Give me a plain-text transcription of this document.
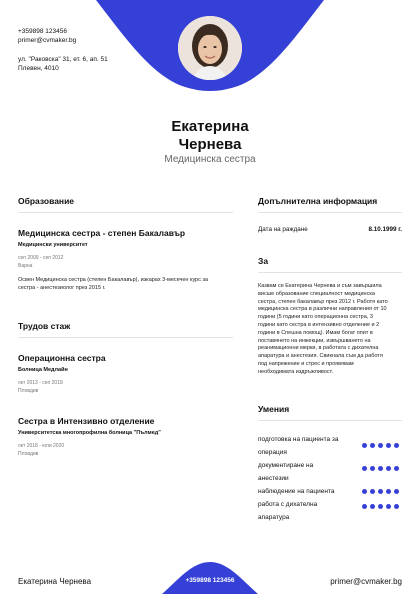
+359898 123456
primer@cvmaker.bg
ул. "Раковска" 31, ет. 6, ап. 51
Плевен, 4010
Екатерина
Чернева
Медицинска сестра
Образование
Медицинска сестра - степен Бакалавър
Медицински университет
сеп 2009 - сеп 2012
Варна
Освен Медицинска сестра (степен Бакалавър), изкарах 3-месечен курс за
сестра - анестезиолог през 2015 г.
Трудов стаж
Операционна сестра
Болница Медлайн
окт 2013 - сеп 2018
Пловдив
Сестра в Интензивно отделение
Университетска многопрофилна болница "Пълмед"
окт 2018 - юли 2020
Пловдив
Допълнителна информация
Дата на раждане	8.10.1999 г.
За
Казвам се Екатерина Чернева и съм завършила
висше образование специалност медицинска
сестра, степен бакалавър през 2012 г. Работя като
медицинска сестра в различни направления от 10
години (5 години като операционна сестра, 3
години като сестра в интензивно отделение и 2
години в Спешна помощ). Имам богат опит в
поставянето на инжекции, извършването на
реанимационни мерки, в работата с дихателна
апаратура и анестезия. Свикнала съм да работя
под напрежение и стрес и проявявам
необходимата издръжливост.
Умения
подготовка на пациента за
операция
документиране на
анестезии
наблюдение на пациента
работа с дихателна
апаратура
Екатерина Чернева	+359898 123456	primer@cvmaker.bg
